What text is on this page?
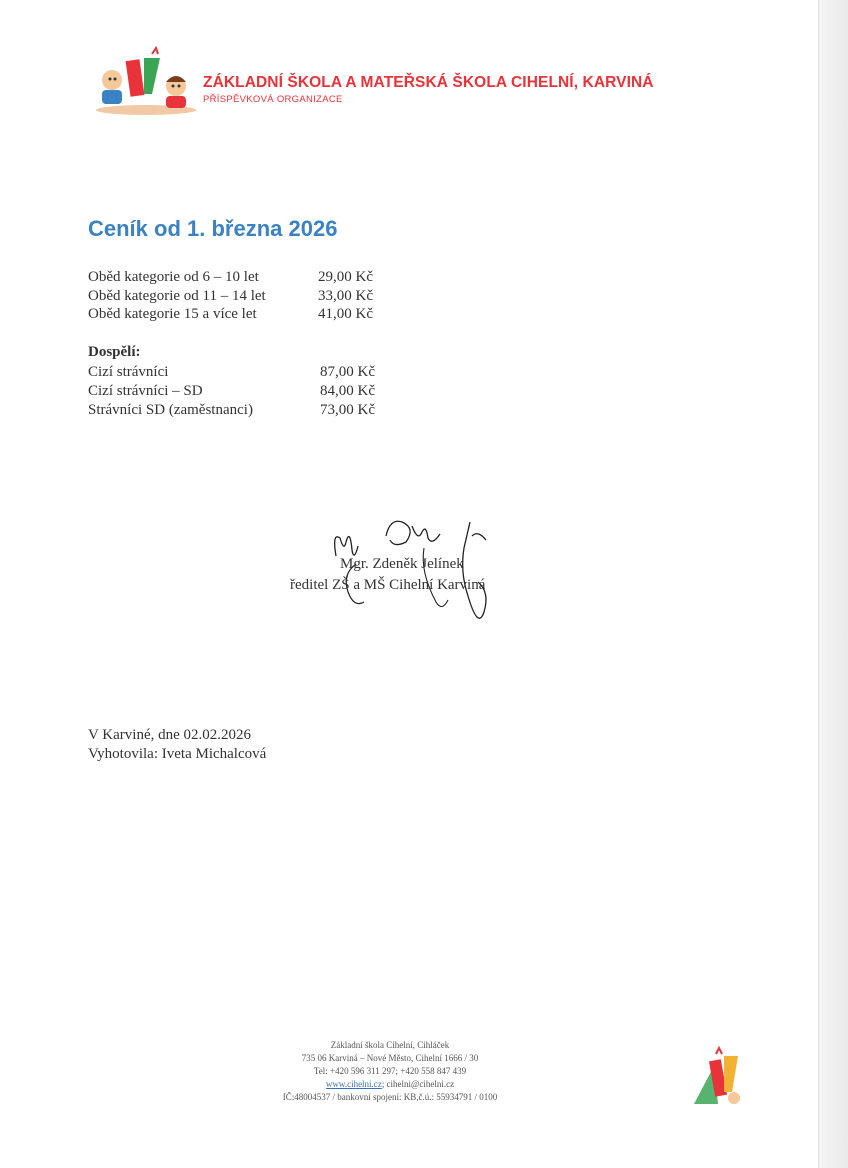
ZÁKLADNÍ ŠKOLA A MATEŘSKÁ ŠKOLA CIHELNÍ, KARVINÁ
PŘÍSPĚVKOVÁ ORGANIZACE
Ceník od 1. března 2026
Oběd kategorie od 6 – 10 let	29,00 Kč
Oběd kategorie od 11 – 14 let	33,00 Kč
Oběd kategorie 15 a více let	41,00 Kč
Dospělí:
Cizí strávníci	87,00 Kč
Cizí strávníci – SD	84,00 Kč
Strávníci SD (zaměstnanci)	73,00 Kč
Mgr. Zdeněk Jelínek
ředitel ZŠ a MŠ Cihelní Karviná
V Karviné, dne 02.02.2026
Vyhotovila: Iveta Michalcová
Základní škola Cihelní, Cihláček
735 06 Karviná – Nové Město, Cihelní 1666 / 30
Tel: +420 596 311 297; +420 558 847 439
www.cihelni.cz; cihelni@cihelni.cz
IČ:48004537 / bankovní spojení: KB,č.ú.: 55934791 / 0100
